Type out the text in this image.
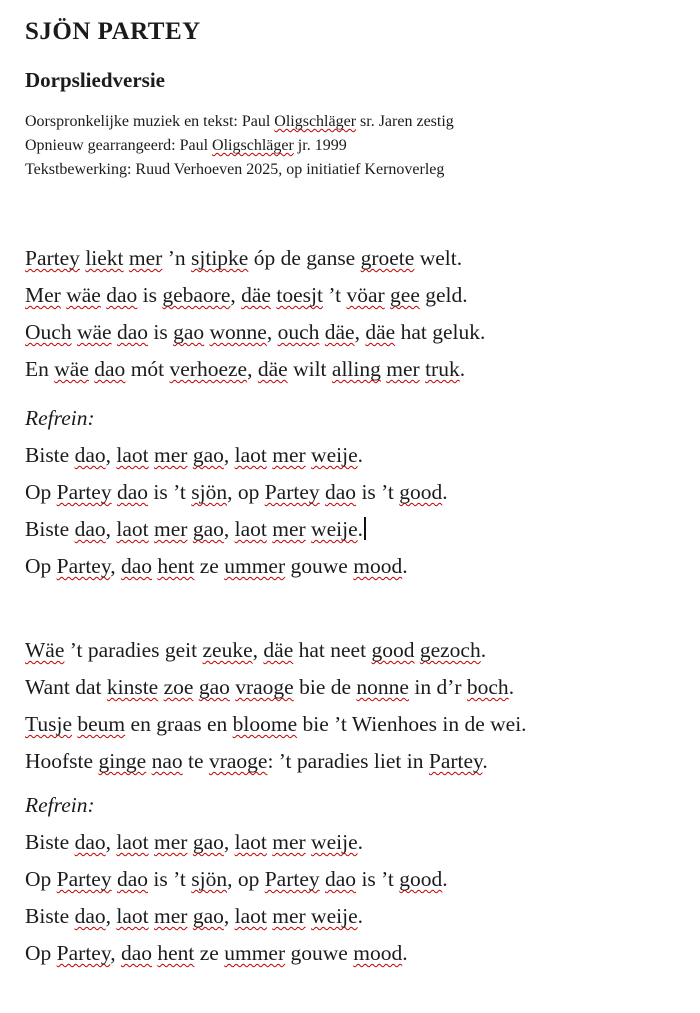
SJÖN PARTEY
Dorpsliedversie

Oorspronkelijke muziek en tekst: Paul Oligschläger sr. Jaren zestig

Opnieuw gearrangeerd: Paul Oligschläger jr. 1999

Tekstbewerking: Ruud Verhoeven 2025, op initiatief Kernoverleg

Partey liekt mer ’n sjtipke óp de ganse groete welt.

Mer wäe dao is gebaore, däe toesjt ’t vöar gee geld.

Ouch wäe dao is gao wonne, ouch däe, däe hat geluk.

En wäe dao mót verhoeze, däe wilt alling mer truk.

Refrein:

Biste dao, laot mer gao, laot mer weije.

Op Partey dao is ’t sjön, op Partey dao is ’t good.

Biste dao, laot mer gao, laot mer weije.

Op Partey, dao hent ze ummer gouwe mood.

Wäe ’t paradies geit zeuke, däe hat neet good gezoch.

Want dat kinste zoe gao vraoge bie de nonne in d’r boch.

Tusje beum en graas en bloome bie ’t Wienhoes in de wei.

Hoofste ginge nao te vraoge: ’t paradies liet in Partey.

Refrein:

Biste dao, laot mer gao, laot mer weije.

Op Partey dao is ’t sjön, op Partey dao is ’t good.

Biste dao, laot mer gao, laot mer weije.

Op Partey, dao hent ze ummer gouwe mood.
